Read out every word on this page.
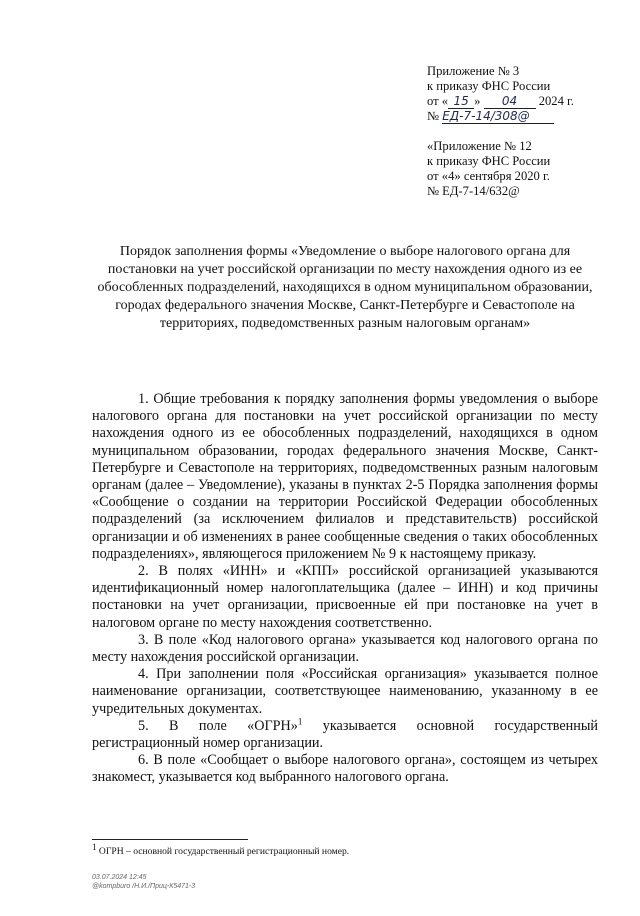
Приложение № 3
к приказу ФНС России
от « 15 » 04 2024 г.
№ ЕД-7-14/308@
«Приложение № 12
к приказу ФНС России
от «4» сентября 2020 г.
№ ЕД-7-14/632@
Порядок заполнения формы «Уведомление о выборе налогового органа для постановки на учет российской организации по месту нахождения одного из ее обособленных подразделений, находящихся в одном муниципальном образовании, городах федерального значения Москве, Санкт-Петербурге и Севастополе на территориях, подведомственных разным налоговым органам»

1. Общие требования к порядку заполнения формы уведомления о выборе налогового органа для постановки на учет российской организации по месту нахождения одного из ее обособленных подразделений, находящихся в одном муниципальном образовании, городах федерального значения Москве, Санкт-Петербурге и Севастополе на территориях, подведомственных разным налоговым органам (далее – Уведомление), указаны в пунктах 2-5 Порядка заполнения формы «Сообщение о создании на территории Российской Федерации обособленных подразделений (за исключением филиалов и представительств) российской организации и об изменениях в ранее сообщенные сведения о таких обособленных подразделениях», являющегося приложением № 9 к настоящему приказу.

2. В полях «ИНН» и «КПП» российской организацией указываются идентификационный номер налогоплательщика (далее – ИНН) и код причины постановки на учет организации, присвоенные ей при постановке на учет в налоговом органе по месту нахождения соответственно.

3. В поле «Код налогового органа» указывается код налогового органа по месту нахождения российской организации.

4. При заполнении поля «Российская организация» указывается полное наименование организации, соответствующее наименованию, указанному в ее учредительных документах.

5. В поле «ОГРН»$^1$ указывается основной государственный регистрационный номер организации.

6. В поле «Сообщает о выборе налогового органа», состоящем из четырех знакомест, указывается код выбранного налогового органа.

$^1$ ОГРН – основной государственный регистрационный номер.
03.07.2024 12:45
@kompburo /Н.И./Приц-К5471-3
